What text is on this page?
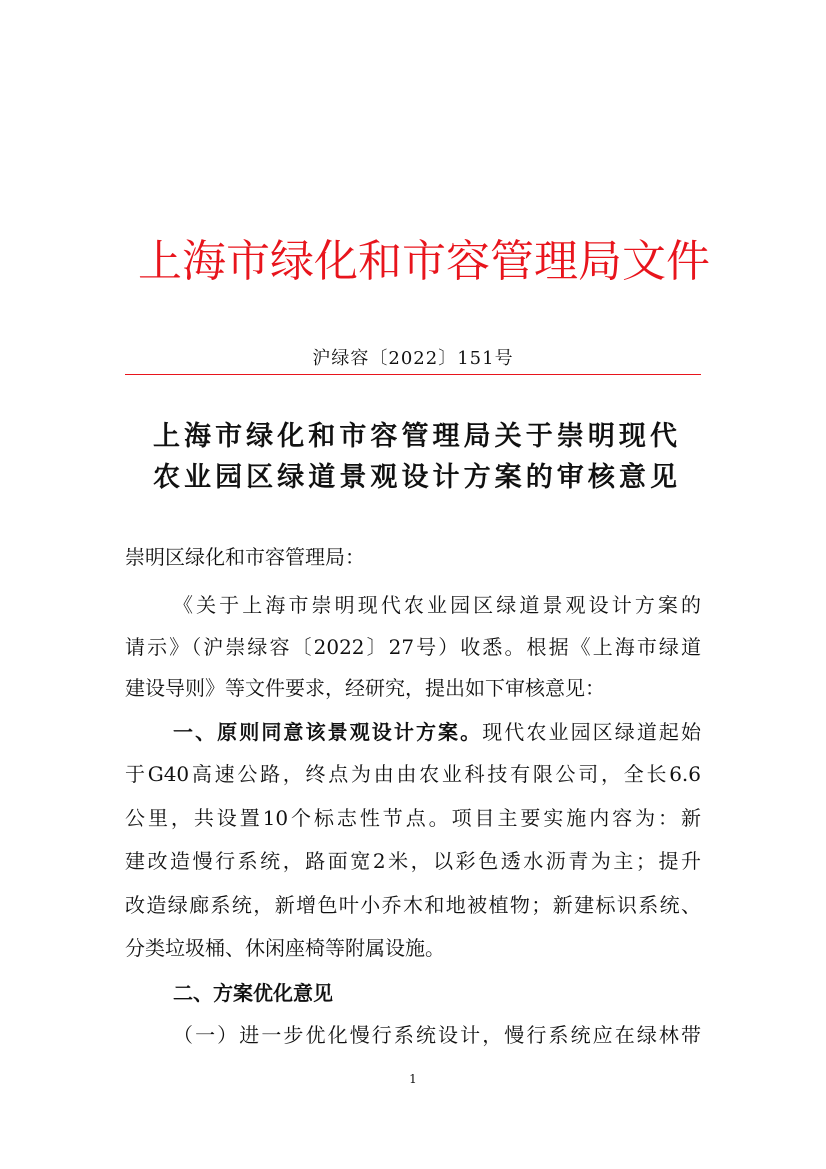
上海市绿化和市容管理局文件
沪绿容〔2022〕151号
上海市绿化和市容管理局关于崇明现代
农业园区绿道景观设计方案的审核意见
崇明区绿化和市容管理局：
《关于上海市崇明现代农业园区绿道景观设计方案的
请示》（沪崇绿容〔2022〕27号）收悉。根据《上海市绿道
建设导则》等文件要求，经研究，提出如下审核意见：
一、原则同意该景观设计方案。现代农业园区绿道起始
于G40高速公路，终点为由由农业科技有限公司，全长6.6
公里，共设置10个标志性节点。项目主要实施内容为：新
建改造慢行系统，路面宽2米，以彩色透水沥青为主；提升
改造绿廊系统，新增色叶小乔木和地被植物；新建标识系统、
分类垃圾桶、休闲座椅等附属设施。
二、方案优化意见
（一）进一步优化慢行系统设计，慢行系统应在绿林带
1
